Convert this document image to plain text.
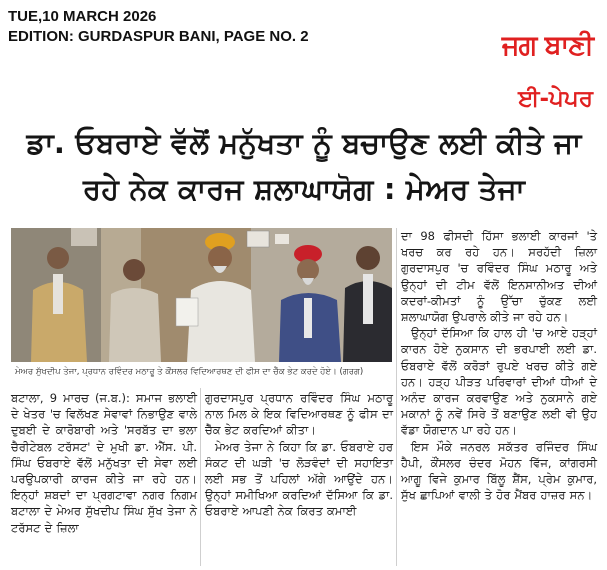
TUE,10 MARCH 2026
EDITION: GURDASPUR BANI, PAGE NO. 2	ਜਗ ਬਾਣੀ
ਈ-ਪੇਪਰ
ਡਾ. ਓਬਰਾਏ ਵੱਲੋਂ ਮਨੁੱਖਤਾ ਨੂੰ ਬਚਾਉਣ ਲਈ ਕੀਤੇ ਜਾ ਰਹੇ ਨੇਕ ਕਾਰਜ ਸ਼ਲਾਘਾਯੋਗ : ਮੇਅਰ ਤੇਜਾ
ਮੇਅਰ ਸੁੱਖਦੀਪ ਤੇਜਾ, ਪ੍ਰਧਾਨ ਰਵਿੰਦਰ ਮਠਾਰੂ ਤੇ ਕੌਂਸਲਰ ਵਿਦਿਆਰਥਣ ਦੀ ਫੀਸ ਦਾ ਚੈੱਕ ਭੇਟ ਕਰਦੇ ਹੋਏ। (ਗਰਗ)

ਬਟਾਲਾ, 9 ਮਾਰਚ (ਜ.ਬ.): ਸਮਾਜ ਭਲਾਈ ਦੇ ਖੇਤਰ 'ਚ ਵਿਲੱਖਣ ਸੇਵਾਵਾਂ ਨਿਭਾਉਣ ਵਾਲੇ ਦੁਬਈ ਦੇ ਕਾਰੋਬਾਰੀ ਅਤੇ 'ਸਰਬੱਤ ਦਾ ਭਲਾ ਚੈਰੀਟੇਬਲ ਟਰੱਸਟ' ਦੇ ਮੁਖੀ ਡਾ. ਐੱਸ. ਪੀ. ਸਿੰਘ ਓਬਰਾਏ ਵੱਲੋਂ ਮਨੁੱਖਤਾ ਦੀ ਸੇਵਾ ਲਈ ਪਰਉਪਕਾਰੀ ਕਾਰਜ ਕੀਤੇ ਜਾ ਰਹੇ ਹਨ। ਇਨ੍ਹਾਂ ਸ਼ਬਦਾਂ ਦਾ ਪ੍ਰਗਟਾਵਾ ਨਗਰ ਨਿਗਮ ਬਟਾਲਾ ਦੇ ਮੇਅਰ ਸੁੱਖਦੀਪ ਸਿੰਘ ਸੁੱਖ ਤੇਜਾ ਨੇ ਟਰੱਸਟ ਦੇ ਜ਼ਿਲਾ

ਗੁਰਦਾਸਪੁਰ ਪ੍ਰਧਾਨ ਰਵਿੰਦਰ ਸਿੰਘ ਮਠਾਰੂ ਨਾਲ ਮਿਲ ਕੇ ਇਕ ਵਿਦਿਆਰਥਣ ਨੂੰ ਫੀਸ ਦਾ ਚੈੱਕ ਭੇਟ ਕਰਦਿਆਂ ਕੀਤਾ।

ਮੇਅਰ ਤੇਜਾ ਨੇ ਕਿਹਾ ਕਿ ਡਾ. ਓਬਰਾਏ ਹਰ ਸੰਕਟ ਦੀ ਘੜੀ 'ਚ ਲੋੜਵੰਦਾਂ ਦੀ ਸਹਾਇਤਾ ਲਈ ਸਭ ਤੋਂ ਪਹਿਲਾਂ ਅੱਗੇ ਆਉਂਦੇ ਹਨ। ਉਨ੍ਹਾਂ ਸਮੀਖਿਆ ਕਰਦਿਆਂ ਦੱਸਿਆ ਕਿ ਡਾ. ਓਬਰਾਏ ਆਪਣੀ ਨੇਕ ਕਿਰਤ ਕਮਾਈ

ਦਾ 98 ਫੀਸਦੀ ਹਿੱਸਾ ਭਲਾਈ ਕਾਰਜਾਂ 'ਤੇ ਖਰਚ ਕਰ ਰਹੇ ਹਨ। ਸਰਹੱਦੀ ਜ਼ਿਲਾ ਗੁਰਦਾਸਪੁਰ 'ਚ ਰਵਿੰਦਰ ਸਿੰਘ ਮਠਾਰੂ ਅਤੇ ਉਨ੍ਹਾਂ ਦੀ ਟੀਮ ਵੱਲੋਂ ਇਨਸਾਨੀਅਤ ਦੀਆਂ ਕਦਰਾਂ-ਕੀਮਤਾਂ ਨੂੰ ਉੱਚਾ ਚੁੱਕਣ ਲਈ ਸ਼ਲਾਘਾਯੋਗ ਉਪਰਾਲੇ ਕੀਤੇ ਜਾ ਰਹੇ ਹਨ।

ਉਨ੍ਹਾਂ ਦੱਸਿਆ ਕਿ ਹਾਲ ਹੀ 'ਚ ਆਏ ਹੜ੍ਹਾਂ ਕਾਰਨ ਹੋਏ ਨੁਕਸਾਨ ਦੀ ਭਰਪਾਈ ਲਈ ਡਾ. ਓਬਰਾਏ ਵੱਲੋਂ ਕਰੋੜਾਂ ਰੁਪਏ ਖਰਚ ਕੀਤੇ ਗਏ ਹਨ। ਹੜ੍ਹ ਪੀੜਤ ਪਰਿਵਾਰਾਂ ਦੀਆਂ ਧੀਆਂ ਦੇ ਅਨੰਦ ਕਾਰਜ ਕਰਵਾਉਣ ਅਤੇ ਨੁਕਸਾਨੇ ਗਏ ਮਕਾਨਾਂ ਨੂੰ ਨਵੇਂ ਸਿਰੇ ਤੋਂ ਬਣਾਉਣ ਲਈ ਵੀ ਉਹ ਵੱਡਾ ਯੋਗਦਾਨ ਪਾ ਰਹੇ ਹਨ।

ਇਸ ਮੌਕੇ ਜਨਰਲ ਸਕੱਤਰ ਰਜਿੰਦਰ ਸਿੰਘ ਹੈਪੀ, ਕੌਂਸਲਰ ਚੰਦਰ ਮੋਹਨ ਵਿੱਜ, ਕਾਂਗਰਸੀ ਆਗੂ ਵਿਜੇ ਕੁਮਾਰ ਬਿੱਲੂ ਸ਼ੈਂਸ, ਪ੍ਰੇਮ ਕੁਮਾਰ, ਸੁੱਖ ਛਾਪਿਆਂ ਵਾਲੀ ਤੇ ਹੋਰ ਮੈਂਬਰ ਹਾਜ਼ਰ ਸਨ।
